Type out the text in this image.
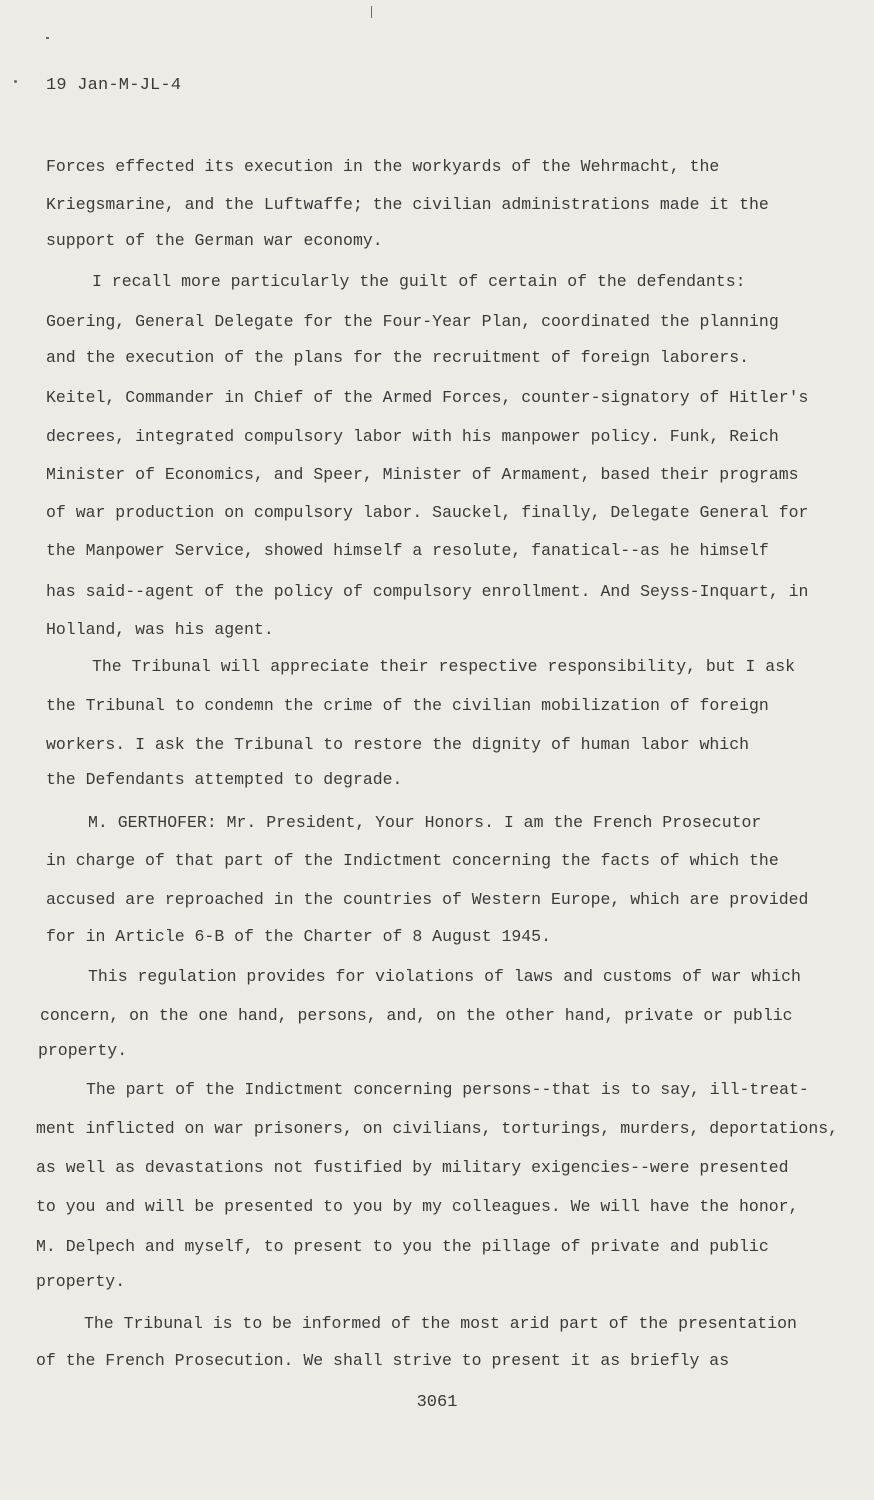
19 Jan-M-JL-4
Forces effected its execution in the workyards of the Wehrmacht, the
Kriegsmarine, and the Luftwaffe; the civilian administrations made it the
support of the German war economy.
I recall more particularly the guilt of certain of the defendants:
Goering, General Delegate for the Four-Year Plan, coordinated the planning
and the execution of the plans for the recruitment of foreign laborers.
Keitel, Commander in Chief of the Armed Forces, counter-signatory of Hitler's
decrees, integrated compulsory labor with his manpower policy. Funk, Reich
Minister of Economics, and Speer, Minister of Armament, based their programs
of war production on compulsory labor. Sauckel, finally, Delegate General for
the Manpower Service, showed himself a resolute, fanatical--as he himself
has said--agent of the policy of compulsory enrollment. And Seyss-Inquart, in
Holland, was his agent.
The Tribunal will appreciate their respective responsibility, but I ask
the Tribunal to condemn the crime of the civilian mobilization of foreign
workers. I ask the Tribunal to restore the dignity of human labor which
the Defendants attempted to degrade.
M. GERTHOFER: Mr. President, Your Honors. I am the French Prosecutor
in charge of that part of the Indictment concerning the facts of which the
accused are reproached in the countries of Western Europe, which are provided
for in Article 6-B of the Charter of 8 August 1945.
This regulation provides for violations of laws and customs of war which
concern, on the one hand, persons, and, on the other hand, private or public
property.
The part of the Indictment concerning persons--that is to say, ill-treat-
ment inflicted on war prisoners, on civilians, torturings, murders, deportations,
as well as devastations not fustified by military exigencies--were presented
to you and will be presented to you by my colleagues. We will have the honor,
M. Delpech and myself, to present to you the pillage of private and public
property.
The Tribunal is to be informed of the most arid part of the presentation
of the French Prosecution. We shall strive to present it as briefly as
3061
